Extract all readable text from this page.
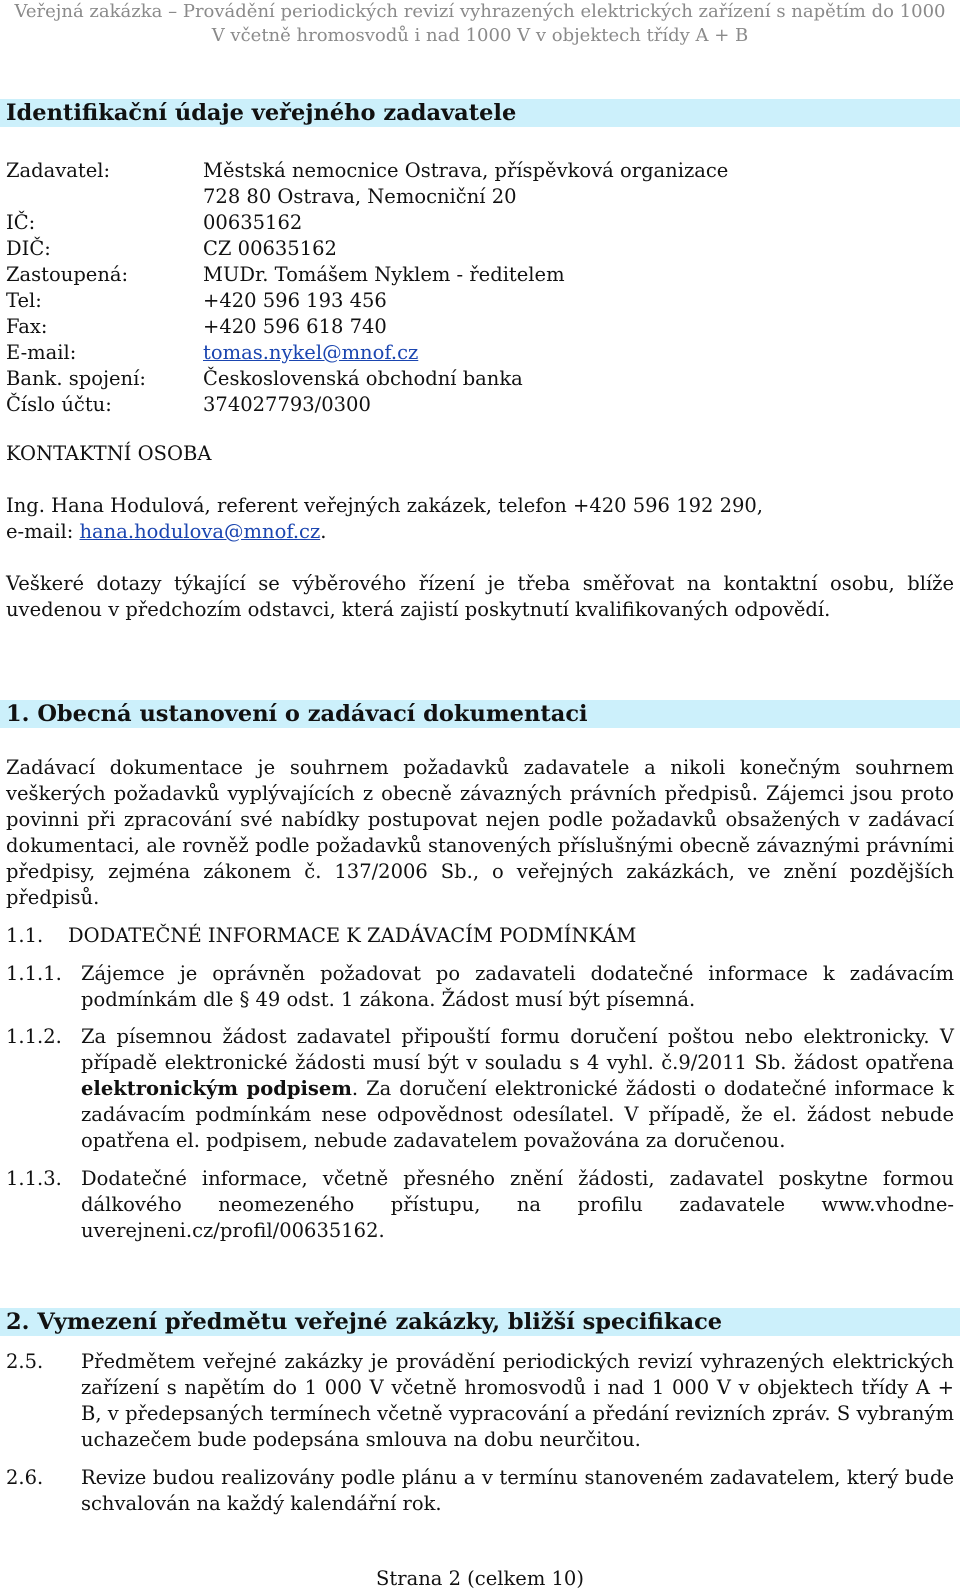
Veřejná zakázka – Provádění periodických revizí vyhrazených elektrických zařízení s napětím do 1000
V včetně hromosvodů i nad 1000 V v objektech třídy A + B
Identifikační údaje veřejného zadavatele
Zadavatel:	Městská nemocnice Ostrava, příspěvková organizace
728 80 Ostrava, Nemocniční 20
IČ:	00635162
DIČ:	CZ 00635162
Zastoupená:	MUDr. Tomášem Nyklem - ředitelem
Tel:	+420 596 193 456
Fax:	+420 596 618 740
E-mail:	tomas.nykel@mnof.cz
Bank. spojení:	Československá obchodní banka
Číslo účtu:	374027793/0300
KONTAKTNÍ OSOBA
Ing. Hana Hodulová, referent veřejných zakázek, telefon +420 596 192 290,
e-mail: hana.hodulova@mnof.cz.
Veškeré dotazy týkající se výběrového řízení je třeba směřovat na kontaktní osobu, blíže uvedenou v předchozím odstavci, která zajistí poskytnutí kvalifikovaných odpovědí.
1. Obecná ustanovení o zadávací dokumentaci
Zadávací dokumentace je souhrnem požadavků zadavatele a nikoli konečným souhrnem veškerých požadavků vyplývajících z obecně závazných právních předpisů. Zájemci jsou proto povinni při zpracování své nabídky postupovat nejen podle požadavků obsažených v zadávací dokumentaci, ale rovněž podle požadavků stanovených příslušnými obecně závaznými právními předpisy, zejména zákonem č. 137/2006 Sb., o veřejných zakázkách, ve znění pozdějších předpisů.
1.1. DODATEČNÉ INFORMACE K ZADÁVACÍM PODMÍNKÁM
1.1.1. Zájemce je oprávněn požadovat po zadavateli dodatečné informace k zadávacím podmínkám dle § 49 odst. 1 zákona. Žádost musí být písemná.
1.1.2. Za písemnou žádost zadavatel připouští formu doručení poštou nebo elektronicky. V případě elektronické žádosti musí být v souladu s 4 vyhl. č.9/2011 Sb. žádost opatřena elektronickým podpisem. Za doručení elektronické žádosti o dodatečné informace k zadávacím podmínkám nese odpovědnost odesílatel. V případě, že el. žádost nebude opatřena el. podpisem, nebude zadavatelem považována za doručenou.
1.1.3. Dodatečné informace, včetně přesného znění žádosti, zadavatel poskytne formou dálkového neomezeného přístupu, na profilu zadavatele www.vhodne-uverejneni.cz/profil/00635162.
2. Vymezení předmětu veřejné zakázky, bližší specifikace
2.5. Předmětem veřejné zakázky je provádění periodických revizí vyhrazených elektrických zařízení s napětím do 1 000 V včetně hromosvodů i nad 1 000 V v objektech třídy A + B, v předepsaných termínech včetně vypracování a předání revizních zpráv. S vybraným uchazečem bude podepsána smlouva na dobu neurčitou.
2.6. Revize budou realizovány podle plánu a v termínu stanoveném zadavatelem, který bude schvalován na každý kalendářní rok.
Strana 2 (celkem 10)
